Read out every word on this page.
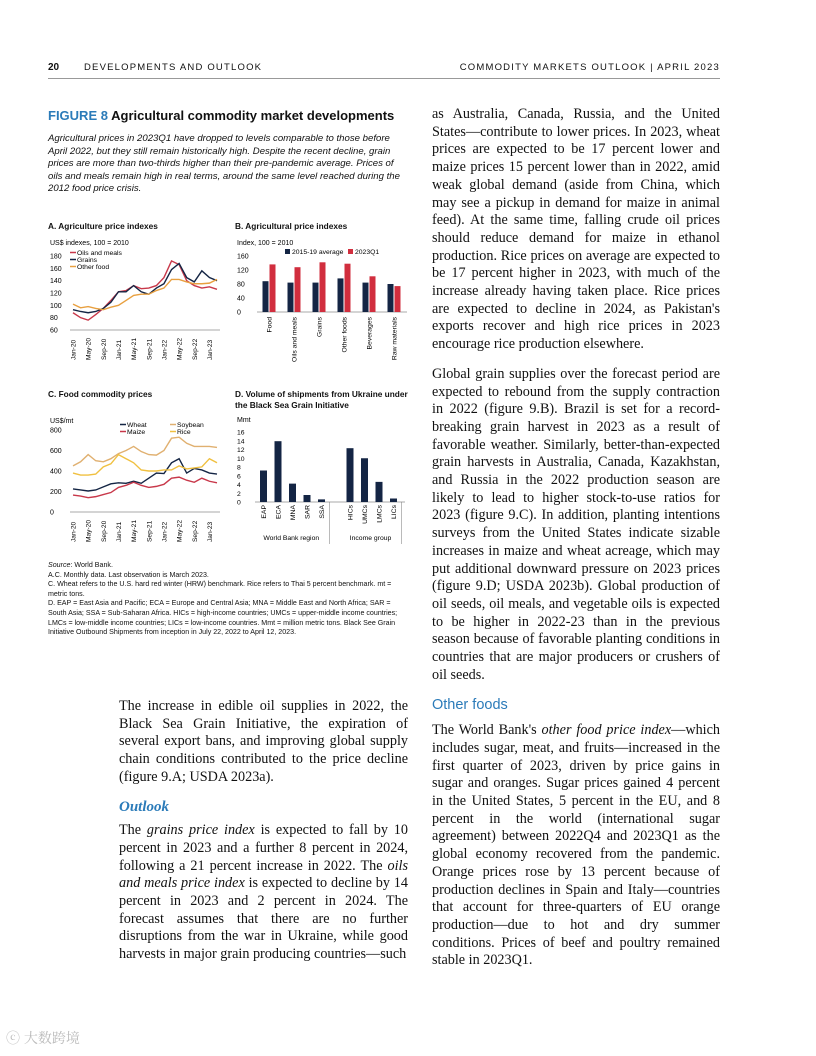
20	DEVELOPMENTS AND OUTLOOK	COMMODITY MARKETS OUTLOOK | APRIL 2023
FIGURE 8 Agricultural commodity market developments
Agricultural prices in 2023Q1 have dropped to levels comparable to those before April 2022, but they still remain historically high. Despite the recent decline, grain prices are more than two-thirds higher than their pre-pandemic average. Prices of oils and meals remain high in real terms, around the same level reached during the 2012 food price crisis.
A. Agriculture price indexes
US$ indexes, 100 = 2010
60
80
100
120
140
160
180
Jan-20 May-20 Sep-20 Jan-21 May-21 Sep-21 Jan-22 May-22 Sep-22 Jan-23
Oils and meals
Grains
Other food
B. Agricultural price indexes
Index, 100 = 2010
0
40
80
120
160
Food	Oils and meals	Grains	Other foods	Beverages	Raw materials
2015-19 average 2023Q1
C. Food commodity prices
US$/mt
0
200
400
600
800
Jan-20 May-20 Sep-20 Jan-21 May-21 Sep-21 Jan-22 May-22 Sep-22 Jan-23
Wheat
Maize
Soybean
Rice
D. Volume of shipments from Ukraine under the Black Sea Grain Initiative
Mmt
0
2
4
6
8
10
12
14
16
EAP ECA MNA SAR SSA
World Bank region
HICs UMCs LMCs LICs
Income group

Source: World Bank.

A.C. Monthly data. Last observation is March 2023.

C. Wheat refers to the U.S. hard red winter (HRW) benchmark. Rice refers to Thai 5 percent benchmark. mt = metric tons.

D. EAP = East Asia and Pacific; ECA = Europe and Central Asia; MNA = Middle East and North Africa; SAR = South Asia; SSA = Sub-Saharan Africa. HICs = high-income countries; UMCs = upper-middle income countries; LMCs = low-middle income countries; LICs = low-income countries. Mmt = million metric tons. Black See Grain Initiative Outbound Shipments from inception in July 22, 2022 to April 12, 2023.

The increase in edible oil supplies in 2022, the Black Sea Grain Initiative, the expiration of several export bans, and improving global supply chain conditions contributed to the price decline (figure 9.A; USDA 2023a).

Outlook

The grains price index is expected to fall by 10 percent in 2023 and a further 8 percent in 2024, following a 21 percent increase in 2022. The oils and meals price index is expected to decline by 14 percent in 2023 and 2 percent in 2024. The forecast assumes that there are no further disruptions from the war in Ukraine, while good harvests in major grain producing countries—such

as Australia, Canada, Russia, and the United States—contribute to lower prices. In 2023, wheat prices are expected to be 17 percent lower and maize prices 15 percent lower than in 2022, amid weak global demand (aside from China, which may see a pickup in demand for maize in animal feed). At the same time, falling crude oil prices should reduce demand for maize in ethanol production. Rice prices on average are expected to be 17 percent higher in 2023, with much of the increase already having taken place. Rice prices are expected to decline in 2024, as Pakistan's exports recover and high rice prices in 2023 encourage rice production elsewhere.

Global grain supplies over the forecast period are expected to rebound from the supply contraction in 2022 (figure 9.B). Brazil is set for a record-breaking grain harvest in 2023 as a result of favorable weather. Similarly, better-than-expected grain harvests in Australia, Canada, Kazakhstan, and Russia in the 2022 production season are likely to lead to higher stock-to-use ratios for 2023 (figure 9.C). In addition, planting intentions surveys from the United States indicate sizable increases in maize and wheat acreage, which may put additional downward pressure on 2023 prices (figure 9.D; USDA 2023b). Global production of oil seeds, oil meals, and vegetable oils is expected to be higher in 2022-23 than in the previous season because of favorable planting conditions in countries that are major producers or crushers of oil seeds.

Other foods

The World Bank's other food price index—which includes sugar, meat, and fruits—increased in the first quarter of 2023, driven by price gains in sugar and oranges. Sugar prices gained 4 percent in the United States, 5 percent in the EU, and 8 percent in the world (international sugar agreement) between 2022Q4 and 2023Q1 as the global economy recovered from the pandemic. Orange prices rose by 13 percent because of production declines in Spain and Italy—countries that account for three-quarters of EU orange production—due to hot and dry summer conditions. Prices of beef and poultry remained stable in 2023Q1.

ⓒ 大数跨境
